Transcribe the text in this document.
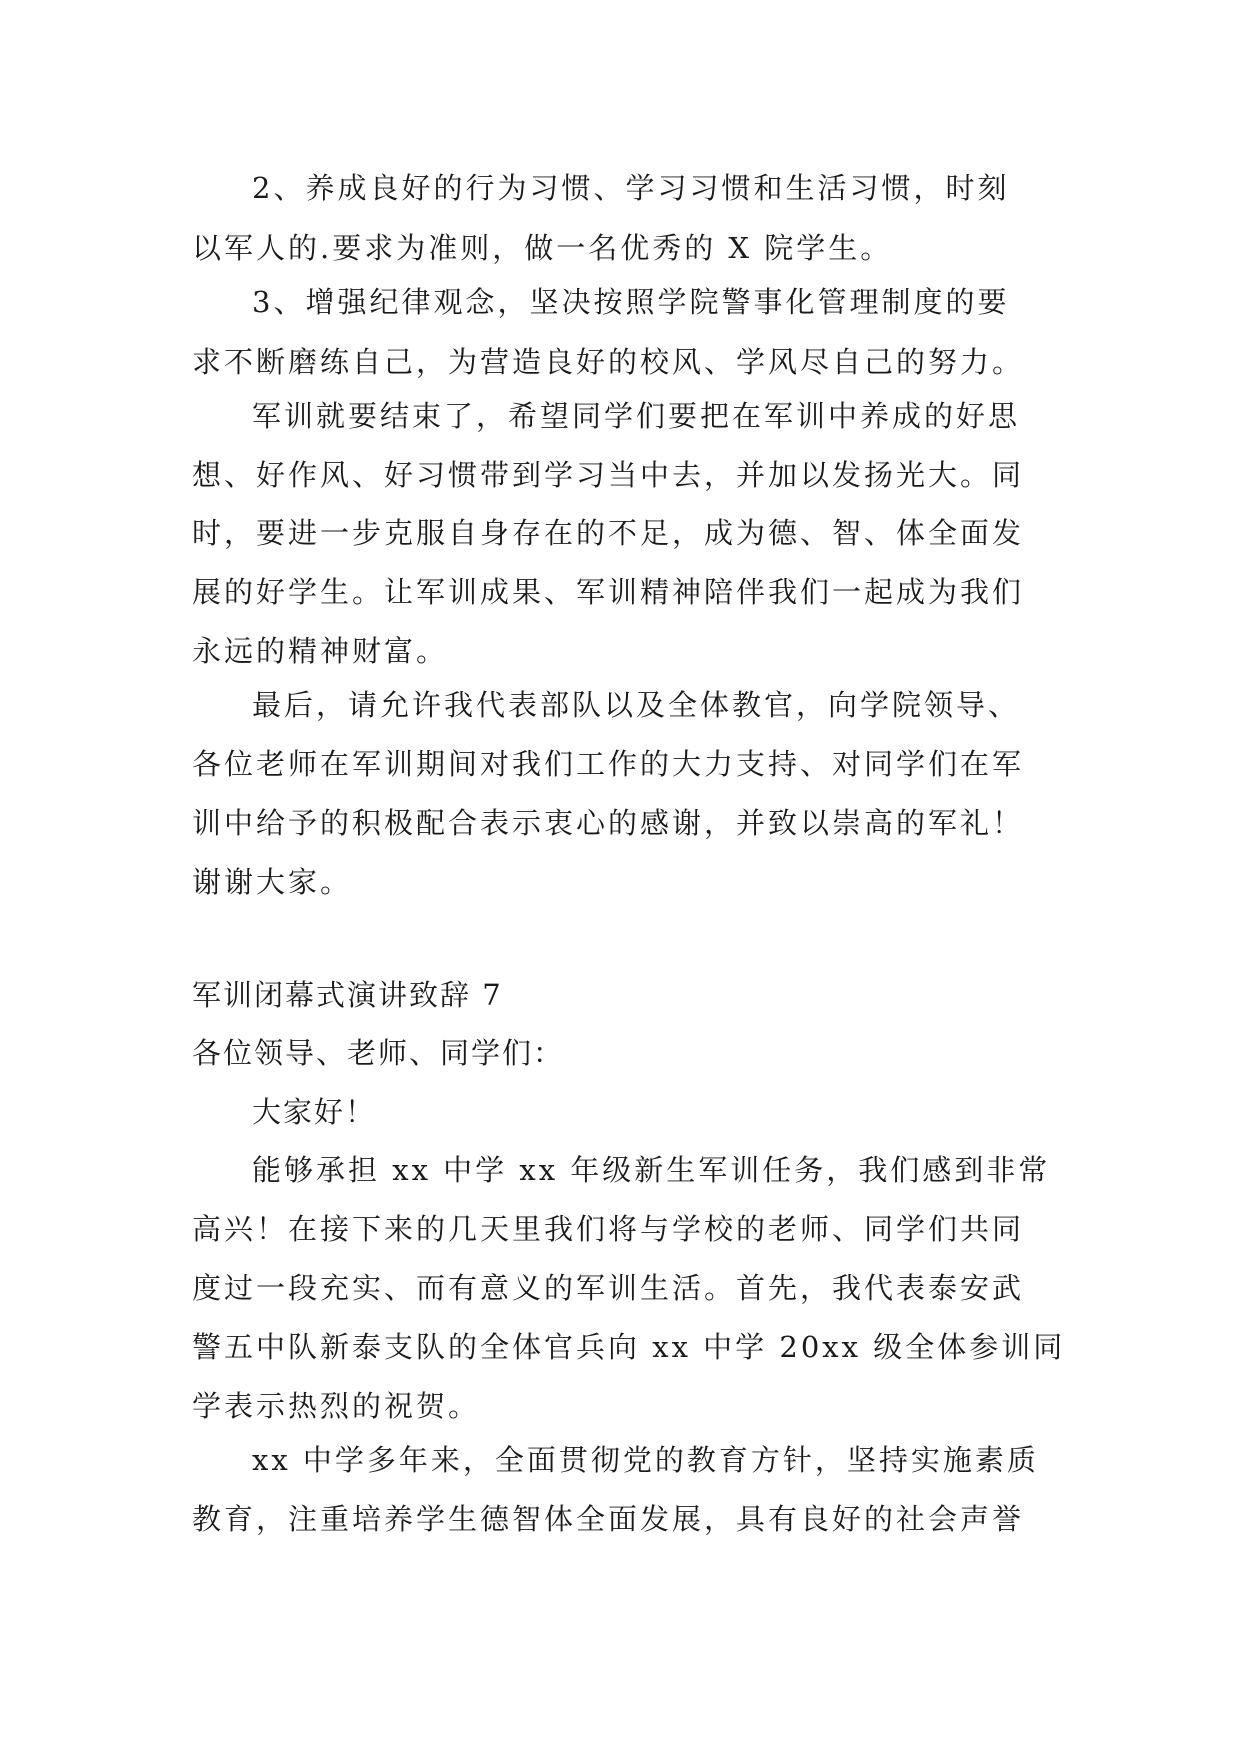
2、养成良好的行为习惯、学习习惯和生活习惯，时刻
以军人的.要求为准则，做一名优秀的 X 院学生。
3、增强纪律观念，坚决按照学院警事化管理制度的要
求不断磨练自己，为营造良好的校风、学风尽自己的努力。
军训就要结束了，希望同学们要把在军训中养成的好思
想、好作风、好习惯带到学习当中去，并加以发扬光大。同
时，要进一步克服自身存在的不足，成为德、智、体全面发
展的好学生。让军训成果、军训精神陪伴我们一起成为我们
永远的精神财富。
最后，请允许我代表部队以及全体教官，向学院领导、
各位老师在军训期间对我们工作的大力支持、对同学们在军
训中给予的积极配合表示衷心的感谢，并致以崇高的军礼！
谢谢大家。
军训闭幕式演讲致辞 7
各位领导、老师、同学们：
大家好！
能够承担 xx 中学 xx 年级新生军训任务，我们感到非常
高兴！在接下来的几天里我们将与学校的老师、同学们共同
度过一段充实、而有意义的军训生活。首先，我代表泰安武
警五中队新泰支队的全体官兵向 xx 中学 20xx 级全体参训同
学表示热烈的祝贺。
xx 中学多年来，全面贯彻党的教育方针，坚持实施素质
教育，注重培养学生德智体全面发展，具有良好的社会声誉
